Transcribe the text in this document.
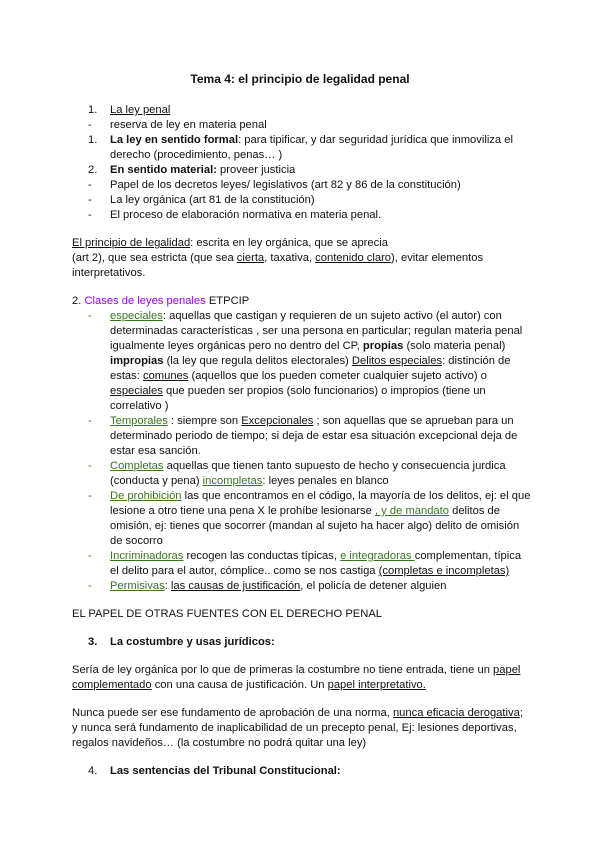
Tema 4: el principio de legalidad penal
1. La ley penal
- reserva de ley en materia penal
1. La ley en sentido formal: para tipificar, y dar seguridad jurídica que inmoviliza el
derecho (procedimiento, penas… )
2. En sentido material: proveer justicia
- Papel de los decretos leyes/ legislativos (art 82 y 86 de la constitución)
- La ley orgánica (art 81 de la constitución)
- El proceso de elaboración normativa en materia penal.
El principio de legalidad: escrita en ley orgánica, que se aprecia
(art 2), que sea estricta (que sea cierta, taxativa, contenido claro), evitar elementos
interpretativos.
2. Clases de leyes penales ETPCIP
- especiales: aquellas que castigan y requieren de un sujeto activo (el autor) con
determinadas características , ser una persona en particular; regulan materia penal
igualmente leyes orgánicas pero no dentro del CP, propias (solo materia penal)
impropias (la ley que regula delitos electorales) Delitos especiales: distinción de
estas: comunes (aquellos que los pueden cometer cualquier sujeto activo) o
especiales que pueden ser propios (solo funcionarios) o impropios (tiene un
correlativo )
- Temporales : siempre son Excepcionales ; son aquellas que se aprueban para un
determinado periodo de tiempo; si deja de estar esa situación excepcional deja de
estar esa sanción.
- Completas aquellas que tienen tanto supuesto de hecho y consecuencia jurdica
(conducta y pena) incompletas: leyes penales en blanco
- De prohibición las que encontramos en el código, la mayoría de los delitos, ej: el que
lesione a otro tiene una pena X le prohíbe lesionarse , y de mandato delitos de
omisión, ej: tienes que socorrer (mandan al sujeto ha hacer algo) delito de omisión
de socorro
- Incriminadoras recogen las conductas típicas, e integradoras complementan, típica
el delito para el autor, cómplice.. como se nos castiga (completas e incompletas)
- Permisivas: las causas de justificación, el policía de detener alguien
EL PAPEL DE OTRAS FUENTES CON EL DERECHO PENAL
3. La costumbre y usas jurídicos:
Sería de ley orgánica por lo que de primeras la costumbre no tiene entrada, tiene un papel
complementado con una causa de justificación. Un papel interpretativo.
Nunca puede ser ese fundamento de aprobación de una norma, nunca eficacia derogativa;
y nunca será fundamento de inaplicabilidad de un precepto penal, Ej: lesiones deportivas,
regalos navideños… (la costumbre no podrá quitar una ley)
4. Las sentencias del Tribunal Constitucional:
